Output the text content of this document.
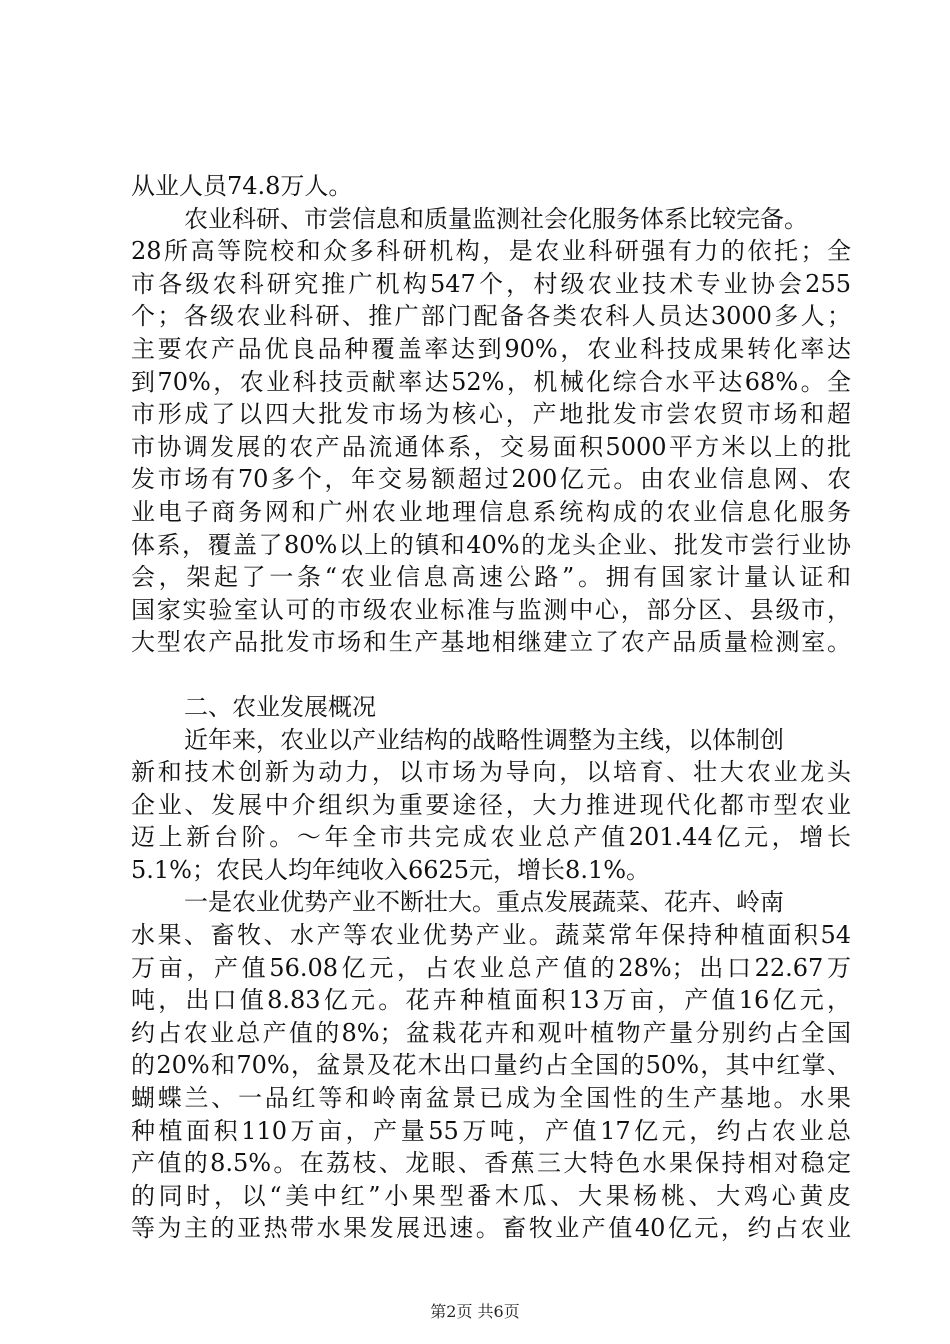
从业人员74.8万人。
农业科研、市尝信息和质量监测社会化服务体系比较完备。
28所高等院校和众多科研机构，是农业科研强有力的依托；全
市各级农科研究推广机构547个，村级农业技术专业协会255
个；各级农业科研、推广部门配备各类农科人员达3000多人；
主要农产品优良品种覆盖率达到90%，农业科技成果转化率达
到70%，农业科技贡献率达52%，机械化综合水平达68%。全
市形成了以四大批发市场为核心，产地批发市尝农贸市场和超
市协调发展的农产品流通体系，交易面积5000平方米以上的批
发市场有70多个，年交易额超过200亿元。由农业信息网、农
业电子商务网和广州农业地理信息系统构成的农业信息化服务
体系，覆盖了80%以上的镇和40%的龙头企业、批发市尝行业协
会，架起了一条“农业信息高速公路”。拥有国家计量认证和
国家实验室认可的市级农业标准与监测中心，部分区、县级市，
大型农产品批发市场和生产基地相继建立了农产品质量检测室。
二、农业发展概况
近年来，农业以产业结构的战略性调整为主线，以体制创
新和技术创新为动力，以市场为导向，以培育、壮大农业龙头
企业、发展中介组织为重要途径，大力推进现代化都市型农业
迈上新台阶。～年全市共完成农业总产值201.44亿元，增长
5.1%；农民人均年纯收入6625元，增长8.1%。
一是农业优势产业不断壮大。重点发展蔬菜、花卉、岭南
水果、畜牧、水产等农业优势产业。蔬菜常年保持种植面积54
万亩，产值56.08亿元，占农业总产值的28%；出口22.67万
吨，出口值8.83亿元。花卉种植面积13万亩，产值16亿元，
约占农业总产值的8%；盆栽花卉和观叶植物产量分别约占全国
的20%和70%，盆景及花木出口量约占全国的50%，其中红掌、
蝴蝶兰、一品红等和岭南盆景已成为全国性的生产基地。水果
种植面积110万亩，产量55万吨，产值17亿元，约占农业总
产值的8.5%。在荔枝、龙眼、香蕉三大特色水果保持相对稳定
的同时，以“美中红”小果型番木瓜、大果杨桃、大鸡心黄皮
等为主的亚热带水果发展迅速。畜牧业产值40亿元，约占农业
第2页 共6页
